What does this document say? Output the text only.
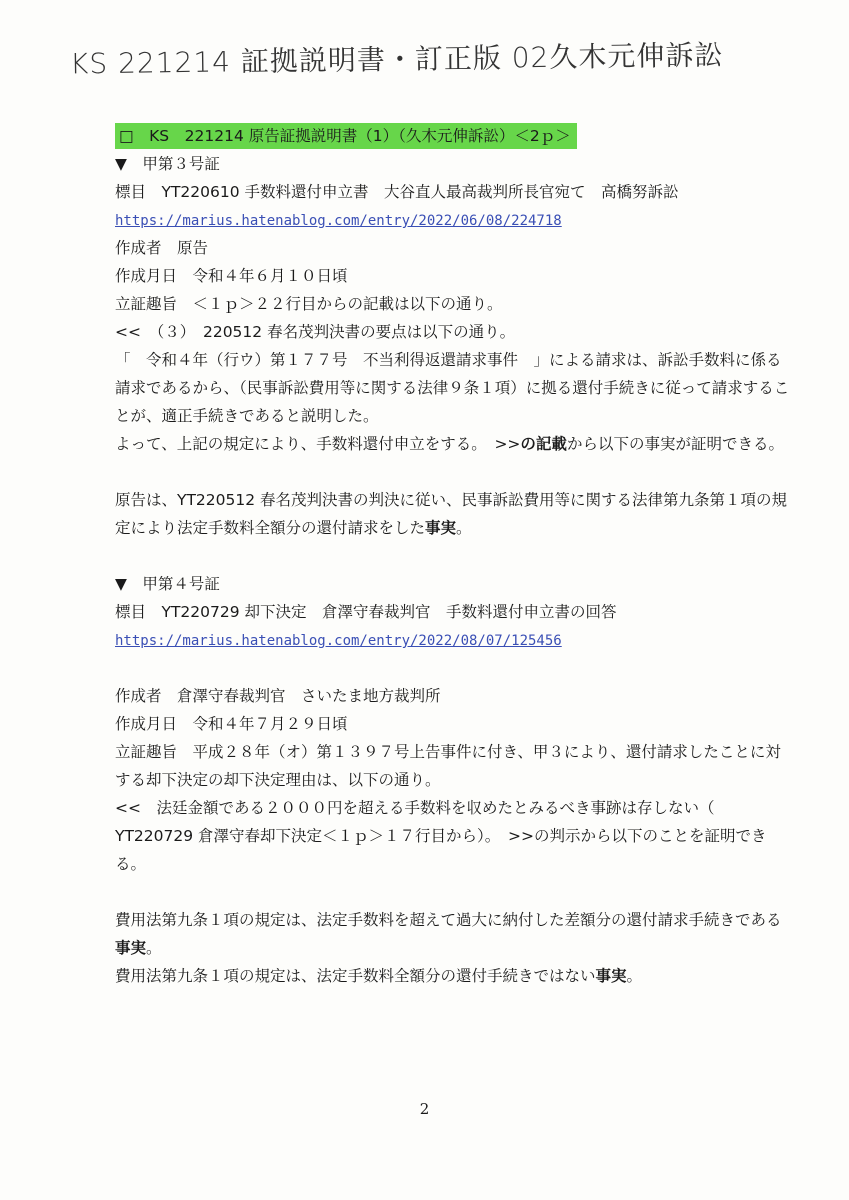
KS 221214 証拠説明書・訂正版 02久木元伸訴訟
□　KS　221214 原告証拠説明書（1）（久木元伸訴訟）＜2ｐ＞
▼　甲第３号証
標目　YT220610 手数料還付申立書　大谷直人最高裁判所長官宛て　高橋努訴訟
https://marius.hatenablog.com/entry/2022/06/08/224718
作成者　原告
作成月日　令和４年６月１０日頃
立証趣旨　＜１ｐ＞２２行目からの記載は以下の通り。
<<　（３）　220512 春名茂判決書の要点は以下の通り。
「　令和４年（行ウ）第１７７号　不当利得返還請求事件　」による請求は、訴訟手数料に係る請求であるから、（民事訴訟費用等に関する法律９条１項）に拠る還付手続きに従って請求することが、適正手続きであると説明した。
よって、上記の規定により、手数料還付申立をする。　>>の記載から以下の事実が証明できる。
原告は、YT220512 春名茂判決書の判決に従い、民事訴訟費用等に関する法律第九条第１項の規定により法定手数料全額分の還付請求をした事実。
▼　甲第４号証
標目　YT220729 却下決定　倉澤守春裁判官　手数料還付申立書の回答
https://marius.hatenablog.com/entry/2022/08/07/125456
作成者　倉澤守春裁判官　さいたま地方裁判所
作成月日　令和４年７月２９日頃
立証趣旨　平成２８年（オ）第１３９７号上告事件に付き、甲３により、還付請求したことに対する却下決定の却下決定理由は、以下の通り。
<<　法廷金額である２０００円を超える手数料を収めたとみるべき事跡は存しない（　YT220729 倉澤守春却下決定＜１ｐ＞１７行目から）。　>>の判示から以下のことを証明できる。
費用法第九条１項の規定は、法定手数料を超えて過大に納付した差額分の還付請求手続きである事実。
費用法第九条１項の規定は、法定手数料全額分の還付手続きではない事実。
2
